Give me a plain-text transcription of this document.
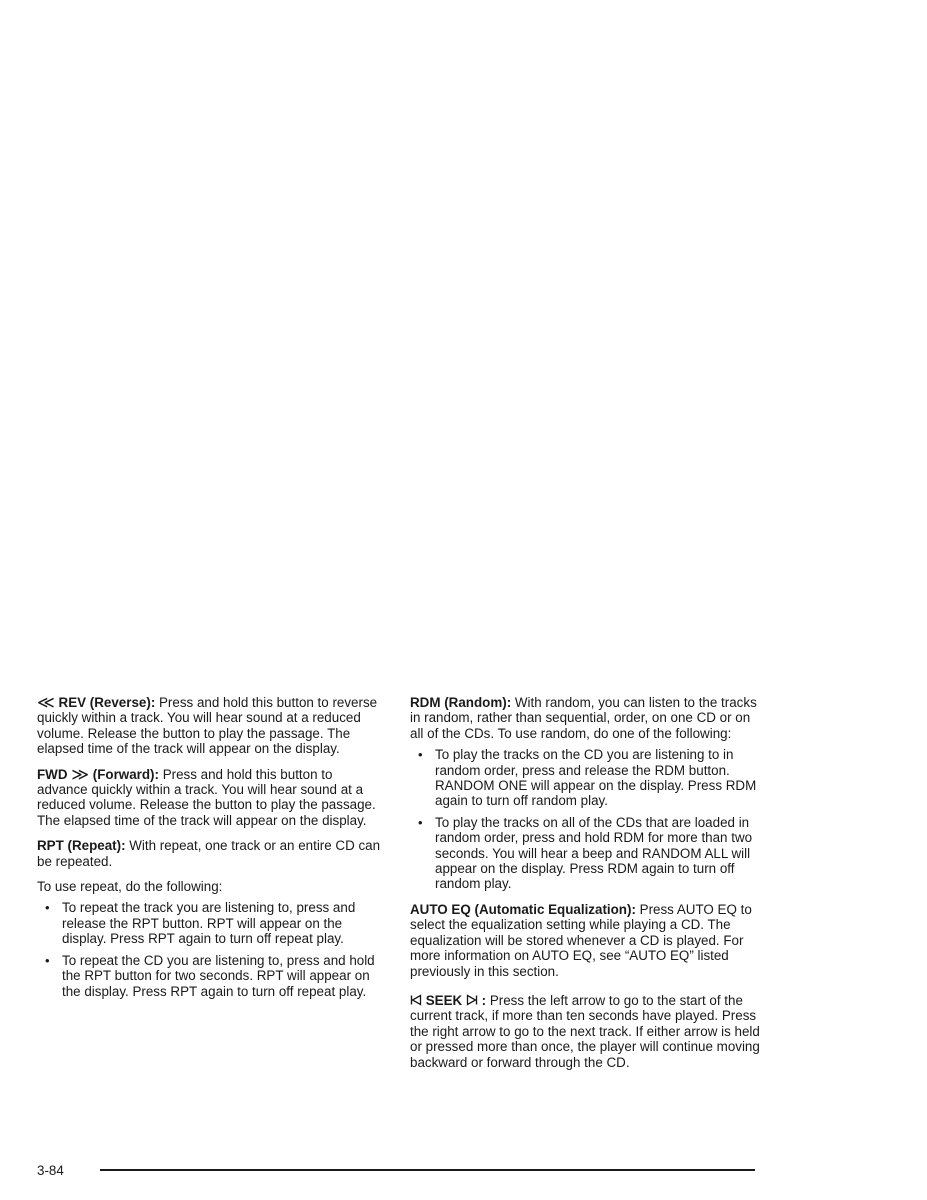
≪ REV (Reverse): Press and hold this button to reverse quickly within a track. You will hear sound at a reduced volume. Release the button to play the passage. The elapsed time of the track will appear on the display.

FWD ≫ (Forward): Press and hold this button to advance quickly within a track. You will hear sound at a reduced volume. Release the button to play the passage. The elapsed time of the track will appear on the display.

RPT (Repeat): With repeat, one track or an entire CD can be repeated.

To use repeat, do the following:

• To repeat the track you are listening to, press and release the RPT button. RPT will appear on the display. Press RPT again to turn off repeat play.
• To repeat the CD you are listening to, press and hold the RPT button for two seconds. RPT will appear on the display. Press RPT again to turn off repeat play.

RDM (Random): With random, you can listen to the tracks in random, rather than sequential, order, on one CD or on all of the CDs. To use random, do one of the following:

• To play the tracks on the CD you are listening to in random order, press and release the RDM button. RANDOM ONE will appear on the display. Press RDM again to turn off random play.
• To play the tracks on all of the CDs that are loaded in random order, press and hold RDM for more than two seconds. You will hear a beep and RANDOM ALL will appear on the display. Press RDM again to turn off random play.

AUTO EQ (Automatic Equalization): Press AUTO EQ to select the equalization setting while playing a CD. The equalization will be stored whenever a CD is played. For more information on AUTO EQ, see “AUTO EQ” listed previously in this section.

SEEK  : Press the left arrow to go to the start of the current track, if more than ten seconds have played. Press the right arrow to go to the next track. If either arrow is held or pressed more than once, the player will continue moving backward or forward through the CD.

3-84
